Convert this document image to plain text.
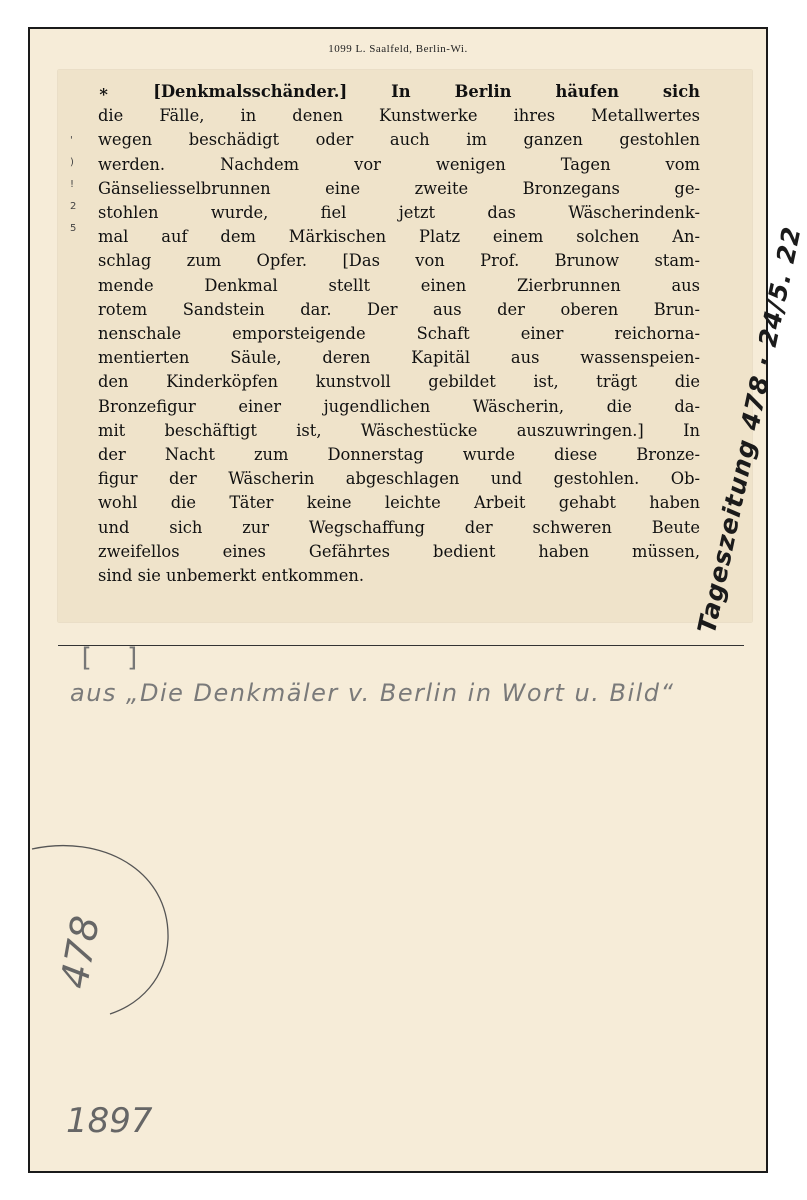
1099 L. Saalfeld, Berlin-Wi.
'
)
!
2
5
∗ [Denkmalsschänder.] In Berlin häufen sich
die Fälle, in denen Kunstwerke ihres Metallwertes
wegen beschädigt oder auch im ganzen gestohlen
werden. Nachdem vor wenigen Tagen vom
Gänseliesselbrunnen eine zweite Bronzegans ge-
stohlen wurde, fiel jetzt das Wäscherindenk-
mal auf dem Märkischen Platz einem solchen An-
schlag zum Opfer. [Das von Prof. Brunow stam-
mende Denkmal stellt einen Zierbrunnen aus
rotem Sandstein dar. Der aus der oberen Brun-
nenschale emporsteigende Schaft einer reichorna-
mentierten Säule, deren Kapitäl aus wassenspeien-
den Kinderköpfen kunstvoll gebildet ist, trägt die
Bronzefigur einer jugendlichen Wäscherin, die da-
mit beschäftigt ist, Wäschestücke auszuwringen.] In
der Nacht zum Donnerstag wurde diese Bronze-
figur der Wäscherin abgeschlagen und gestohlen. Ob-
wohl die Täter keine leichte Arbeit gehabt haben
und sich zur Wegschaffung der schweren Beute
zweifellos eines Gefährtes bedient haben müssen,
sind sie unbemerkt entkommen.	Tageszeitung 478 · 24/5. 22
[ ]
aus „Die Denkmäler v. Berlin in Wort u. Bild“
478
1897
